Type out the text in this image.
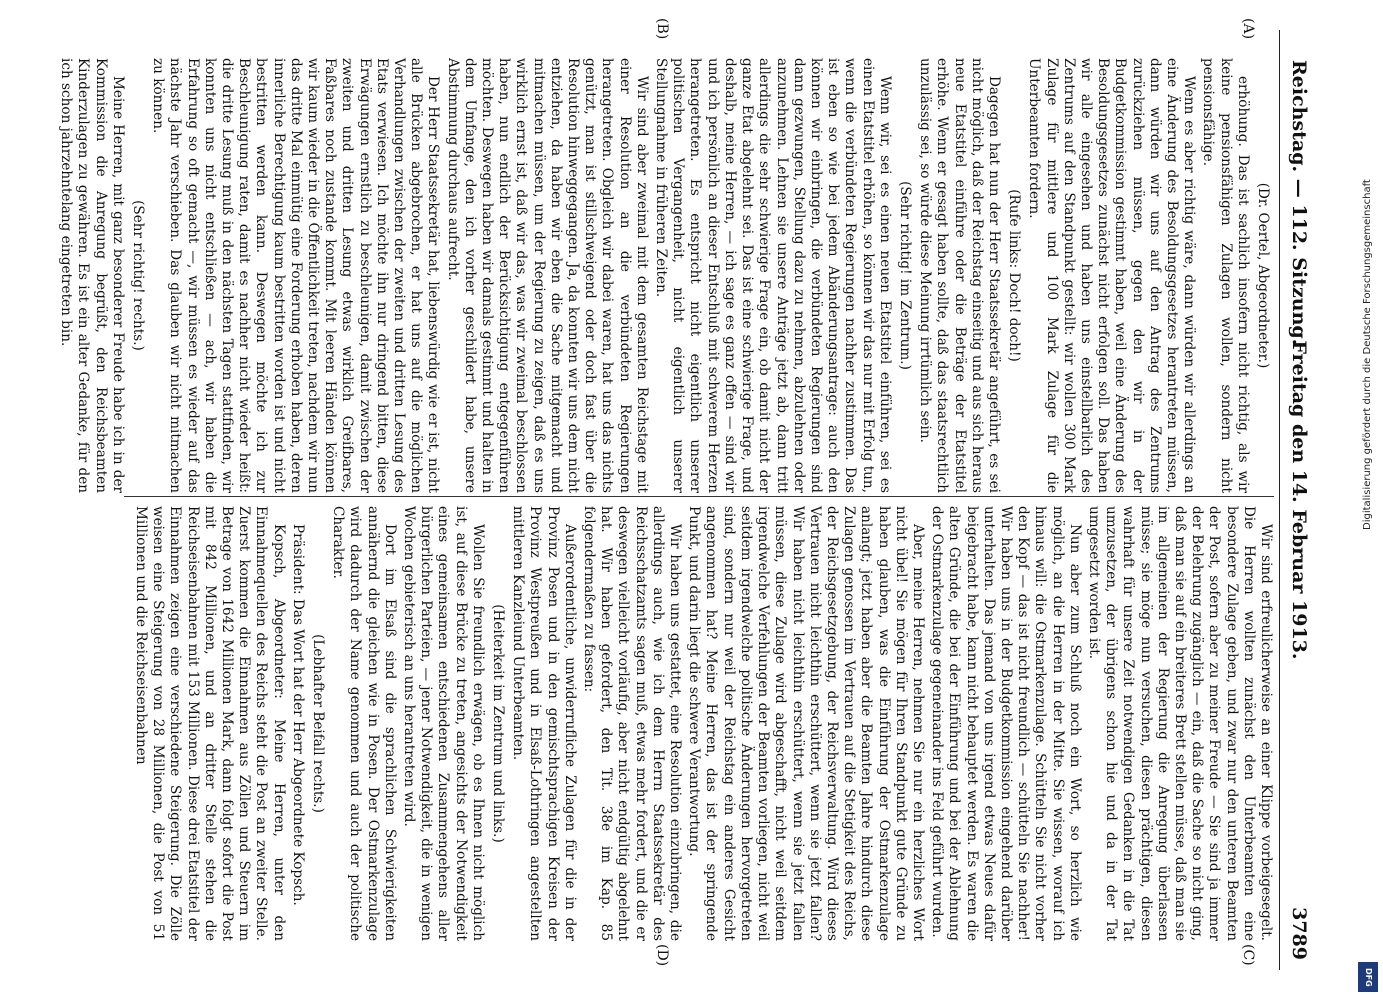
Reichstag. — 112. Sitzung.
Freitag den 14. Februar 1913.
3789
(A)
(B)
(C)
(D)

(Dr. Oertel, Abgeordneter.)

erhöhung. Das ist sachlich insofern nicht richtig, als wir keine pensionsfähigen Zulagen wollen, sondern nicht pensionsfähige.

Wenn es aber richtig wäre, dann würden wir allerdings an eine Änderung des Besoldungsgesetzes herantreten müssen, dann würden wir uns auf den Antrag des Zentrums zurückziehen müssen, gegen den wir in der Budgetkommission gestimmt haben, weil eine Änderung des Besoldungsgesetzes zunächst nicht erfolgen soll. Das haben wir alle eingesehen und haben uns einstellbarlich des Zentrums auf den Standpunkt gestellt: wir wollen 300 Mark Zulage für mittlere und 100 Mark Zulage für die Unterbeamten fordern.

(Rufe links: Doch! doch!)

Dagegen hat nun der Herr Staatssekretär angeführt, es sei nicht möglich, daß der Reichstag einseitig und aus sich heraus neue Etatstitel einführe oder die Beträge der Etatstitel erhöhe. Wenn er gesagt haben sollte, daß das staatsrechtlich unzulässig sei, so würde diese Meinung irrtümlich sein.

(Sehr richtig! im Zentrum.)

Wenn wir, sei es einen neuen Etatstitel einführen, sei es einen Etatstitel erhöhen, so können wir das nur mit Erfolg tun, wenn die verbündeten Regierungen nachher zustimmen. Das ist eben so wie bei jedem Abänderungsantrage: auch den können wir einbringen, die verbündeten Regierungen sind dann gezwungen, Stellung dazu zu nehmen, abzulehnen oder anzunehmen. Lehnen sie unsere Anträge jetzt ab, dann tritt allerdings die sehr schwierige Frage ein, ob damit nicht der ganze Etat abgelehnt sei. Das ist eine schwierige Frage, und deshalb, meine Herren, — ich sage es ganz offen — sind wir und ich persönlich an dieser Entschluß mit schwerem Herzen herangetreten. Es entspricht nicht eigentlich unserer politischen Vergangenheit, nicht eigentlich unserer Stellungnahme in früheren Zeiten.

Wir sind aber zweimal mit dem gesamten Reichstage mit einer Resolution an die verbündeten Regierungen herangetreten. Obgleich wir dabei waren, hat uns das nichts genützt, man ist stillschweigend oder doch fast über die Resolution hinweggegangen. Ja, da konnten wir uns dem nicht entziehen, da haben wir eben die Sache mitgemacht und mitmachen müssen, um der Regierung zu zeigen, daß es uns wirklich ernst ist, daß wir das, was wir zweimal beschlossen haben, nun endlich der Berücksichtigung entgegenführen möchten. Deswegen haben wir damals gestimmt und halten in dem Umfange, den ich vorher geschildert habe, unsere Abstimmung durchaus aufrecht.

Der Herr Staatssekretär hat, liebenswürdig wie er ist, nicht alle Brücken abgebrochen, er hat uns auf die möglichen Verhandlungen zwischen der zweiten und dritten Lesung des Etats verwiesen. Ich möchte ihn nur dringend bitten, diese Erwägungen ernstlich zu beschleunigen, damit zwischen der zweiten und dritten Lesung etwas wirklich Greifbares, Faßbares noch zustande kommt. Mit leeren Händen können wir kaum wieder in die Öffentlichkeit treten, nachdem wir nun das dritte Mal einmütig eine Forderung erhoben haben, deren innerliche Berechtigung kaum bestritten worden ist und nicht bestritten werden kann. Deswegen möchte ich zur Beschleunigung raten, damit es nachher nicht wieder heißt: die dritte Lesung muß in den nächsten Tagen stattfinden, wir konnten uns nicht entschließen — ach, wir haben die Erfahrung so oft gemacht —, wir müssen es wieder auf das nächste Jahr verschieben. Das glauben wir nicht mitmachen zu können.

(Sehr richtig! rechts.)

Meine Herren, mit ganz besonderer Freude habe ich in der Kommission die Anregung begrüßt, den Reichsbeamten Kinderzulagen zu gewähren. Es ist ein alter Gedanke, für den ich schon jahrzehntelang eingetreten bin.

Wir sind erfreulicherweise an einer Klippe vorbeigesegelt. Die Herren wollten zunächst den Unterbeamten eine besondere Zulage geben, und zwar nur den unteren Beamten der Post, sofern aber zu meiner Freude — Sie sind ja immer der Belehrung zugänglich — ein, daß die Sache so nicht ging, daß man sie auf ein breiteres Brett stellen müsse, daß man sie im allgemeinen der Regierung die Anregung überlassen müsse; sie möge nun versuchen, diesen prächtigen, diesen wahrhaft für unsere Zeit notwendigen Gedanken in die Tat umzusetzen, der übrigens schon hie und da in der Tat umgesetzt worden ist.

Nun aber zum Schluß noch ein Wort, so herzlich wie möglich, an die Herren in der Mitte. Sie wissen, worauf ich hinaus will: die Ostmarkenzulage. Schütteln Sie nicht vorher den Kopf — das ist nicht freundlich — schütteln Sie nachher! Wir haben uns in der Budgetkommission eingehend darüber unterhalten. Das jemand von uns irgend etwas Neues dafür beigebracht habe, kann nicht behauptet werden. Es waren die alten Gründe, die bei der Einführung und bei der Ablehnung der Ostmarkenzulage gegeneinander ins Feld geführt wurden.

Aber, meine Herren, nehmen Sie nur ein herzliches Wort nicht übel! Sie mögen für Ihren Standpunkt gute Gründe zu haben glauben, was die Einführung der Ostmarkenzulage anlangt; jetzt haben aber die Beamten Jahre hindurch diese Zulagen genossen im Vertrauen auf die Stetigkeit des Reichs, der Reichsgesetzgebung, der Reichsverwaltung. Wird dieses Vertrauen nicht leichthin erschüttert, wenn sie jetzt fallen? Wir haben nicht leichthin erschüttert, wenn sie jetzt fallen müssen, diese Zulage wird abgeschafft, nicht weil seitdem irgendwelche Verfehlungen der Beamten vorliegen, nicht weil seitdem irgendwelche politische Änderungen hervorgetreten sind, sondern nur weil der Reichstag ein anderes Gesicht angenommen hat? Meine Herren, das ist der springende Punkt, und darin liegt die schwere Verantwortung.

Wir haben uns gestattet, eine Resolution einzubringen, die allerdings auch, wie ich dem Herrn Staatssekretär des Reichsschatzamts sagen muß, etwas mehr fordert, und die er deswegen vielleicht vorläufig, aber nicht endgültig abgelehnt hat. Wir haben gefordert, den Tit. 38e im Kap. 85 folgendermaßen zu fassen:

Außerordentliche, unwiderrufliche Zulagen für die in der Provinz Posen und in den gemischtsprachigen Kreisen der Provinz Westpreußen und in Elsaß-Lothringen angestellten mittleren Kanzleiund Unterbeamten.

(Heiterkeit im Zentrum und links.)

Wollen Sie freundlich erwägen, ob es Ihnen nicht möglich ist, auf diese Brücke zu treten, angesichts der Notwendigkeit eines gemeinsamen entschiedenen Zusammengehens aller bürgerlichen Parteien, — jener Notwendigkeit, die in wenigen Wochen gebieterisch an uns herantreten wird.

Dort im Elsaß sind die sprachlichen Schwierigkeiten annähernd die gleichen wie in Posen. Der Ostmarkenzulage wird dadurch der Name genommen und auch der politische Charakter.

(Lebhafter Beifall rechts.)

Präsident: Das Wort hat der Herr Abgeordnete Kopsch.

Kopsch, Abgeordneter: Meine Herren, unter den Einnahmequellen des Reichs steht die Post an zweiter Stelle. Zuerst kommen die Einnahmen aus Zöllen und Steuern im Betrage von 1642 Millionen Mark, dann folgt sofort die Post mit 842 Millionen, und an dritter Stelle stehen die Reichseisenbahnen mit 153 Millionen. Diese drei Etatstitel der Einnahmen zeigen eine verschiedene Steigerung. Die Zölle weisen eine Steigerung von 28 Millionen, die Post von 51 Millionen und die Reichseisenbahnen

Digitalisierung gefördert durch die Deutsche Forschungsgemeinschaft
DFG
